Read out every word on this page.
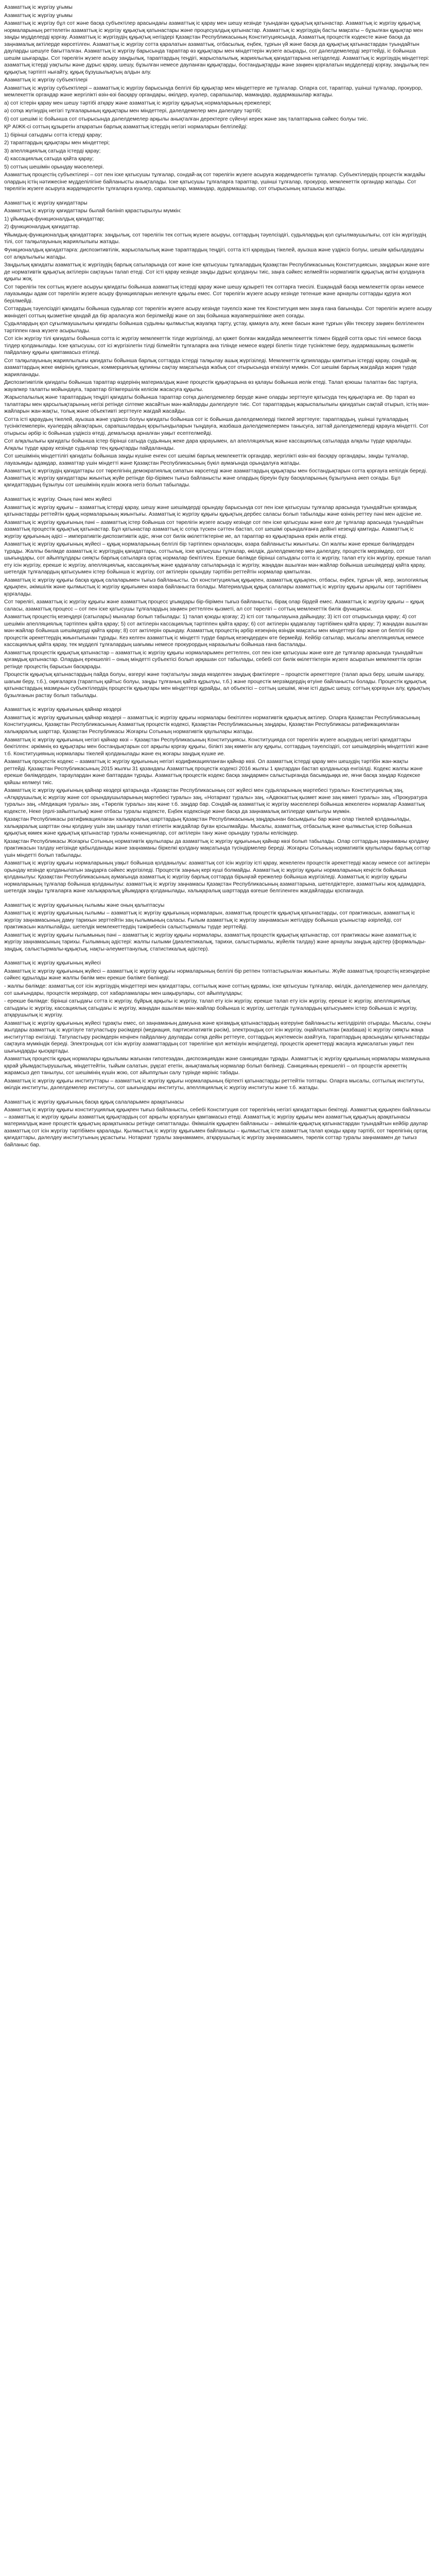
Азаматтық іс жүргізу ұғымы
Азаматтық іс жүргізу ұғымы
Азаматтық іс жүргізу бұл сот және басқа субъектілер арасындағы азаматтық іс қарау мен шешу кезінде туындаған құқықтық қатынастар. Азаматтық іс жүргізу құқықтық нормаларының реттелетін азаматтық іс жүргізу құқықтық қатынастары және процесуалдық қатынастар. Азаматтық іс жүргізудің басты мақсаты – бұзылған құқықтар мен заңды мүдделерді қорғау. Азаматтық іс жүргізудің құқықтық негіздері Қазақстан Республикасының Конституциясында, Азаматтық процестік кодексте және басқа да заңнамалық актілерде көрсетілген. Азаматтық іс жүргізу сотта қаралатын азаматтық, отбасылық, еңбек, тұрғын үй және басқа да құқықтық қатынастардан туындайтын дауларды шешуге бағытталған. Азаматтық іс жүргізу барысында тараптар өз құқықтары мен міндеттерін жүзеге асырады, сот дәлелдемелерді зерттейді, іс бойынша шешім шығарады. Сот төрелігін жүзеге асыру заңдылық, тараптардың теңдігі, жарыспалылық, жариялылық қағидаттарына негізделеді. Азаматтық іс жүргізудің міндеттері: азаматтық істерді уақтылы және дұрыс қарау, шешу, бұзылған немесе дауланған құқықтарды, бостандықтарды және заңмен қорғалатын мүдделерді қорғау, заңдылық пен құқықтық тәртіпті нығайту, құқық бұзушылықтың алдын алу.
Азаматтық іс жүргізу субъектілері
Азаматтық іс жүргізу субъектілері – азаматтық іс жүргізу барысында белгілі бір құқықтар мен міндеттерге ие тұлғалар. Оларға сот, тараптар, үшінші тұлғалар, прокурор, мемлекеттік органдар және жергілікті өзін-өзі басқару органдары, өкілдер, куәлер, сарапшылар, мамандар, аудармашылар жатады.
а) сот істерін қарау мен шешу тәртібі атқару және азаматтық іс жүргізу құқықтық нормаларының ережелері;
ә) сотқа жүгінудің негізгі тұлғаларының құқықтары мен міндеттері, дәлелдемелер мен дәлелдеу тәртібі;
б) сот шешімі іс бойынша сот отырысында дәлелдемелер арқылы анықталған деректерге сүйенуі керек және заң талаптарына сәйкес болуы тиіс.
ҚР АІЖК-сі соттың құзыретін атқаратын барлық азаматтық істердің негізгі нормаларын белгілейді:
1) бірінші сатыдағы сотта істерді қарау;
2) тараптардың құқықтары мен міндеттері;
3) апелляциялық сатыда істерді қарау;
4) кассациялық сатыда қайта қарау;
5) соттың шешімін орындау мәселелері.
Азаматтық процестің субъектілері – сот пен іске қатысушы тұлғалар, сондай-ақ сот төрелігін жүзеге асыруға жәрдемдесетін тұлғалар. Субъектілердің процестік жағдайы олардың істің нәтижесіне мүдделілігіне байланысты анықталады. Іске қатысушы тұлғаларға тараптар, үшінші тұлғалар, прокурор, мемлекеттік органдар жатады. Сот төрелігін жүзеге асыруға жәрдемдесетін тұлғаларға куәлер, сарапшылар, мамандар, аудармашылар, сот отырысының хатшысы жатады.
Азаматтық іс жүргізу қағидаттары
Азаматтық іс жүргізу қағидаттары былай бөлініп қарастырылуы мүмкін:
1) ұйымдық-функционалдық қағидаттар;
2) функционалдық қағидаттар.
Ұйымдық-функционалдық қағидаттарға: заңдылық, сот төрелігін тек соттың жүзеге асыруы, соттардың тәуелсіздігі, судьялардың қол сұғылмаушылығы, сот ісін жүргізудің тілі, сот талқылауының жариялылығы жатады.
Функционалдық қағидаттарға: диспозитивтілік, жарыспалылық және тараптардың теңдігі, сотта істі қараудың тікелей, ауызша және үздіксіз болуы, шешім қабылдаудағы сот алқалылығы жатады.
Заңдылық қағидаты азаматтық іс жүргізудің барлық сатыларында сот және іске қатысушы тұлғалардың Қазақстан Республикасының Конституциясын, заңдарын және өзге де нормативтік құқықтық актілерін сақтауын талап етеді. Сот істі қарау кезінде заңды дұрыс қолдануы тиіс, заңға сәйкес келмейтін нормативтік құқықтық актіні қолдануға құқығы жоқ.
Сот төрелігін тек соттың жүзеге асыруы қағидаты бойынша азаматтық істерді қарау және шешу құзыреті тек соттарға тиесілі. Ешқандай басқа мемлекеттік орган немесе лауазымды адам сот төрелігін жүзеге асыру функцияларын иеленуге құқылы емес. Сот төрелігін жүзеге асыру кезінде төтенше және арнаулы соттарды құруға жол берілмейді.
Соттардың тәуелсіздігі қағидаты бойынша судьялар сот төрелігін жүзеге асыру кезінде тәуелсіз және тек Конституция мен заңға ғана бағынады. Сот төрелігін жүзеге асыру жөніндегі соттың қызметіне қандай да бір араласуға жол берілмейді және ол заң бойынша жауапкершілікке әкеп соғады.
Судьялардың қол сұғылмаушылығы қағидаты бойынша судьяны қылмыстық жауапқа тарту, ұстау, қамауға алу, жеке басын және тұрғын үйін тексеру заңмен белгіленген тәртіппен ғана жүзеге асырылады.
Сот ісін жүргізу тілі қағидаты бойынша сотта іс жүргізу мемлекеттік тілде жүргізіледі, ал қажет болған жағдайда мемлекеттік тілмен бірдей сотта орыс тілі немесе басқа тілдер қолданылады. Іске қатысушы, сот ісі жүргізілетін тілді білмейтін тұлғаларға ана тілінде немесе өздері білетін тілде түсініктеме беру, аудармашының қызметін пайдалану құқығы қамтамасыз етіледі.
Сот талқылауының жариялылығы қағидаты бойынша барлық соттарда істерді талқылау ашық жүргізіледі. Мемлекеттік құпияларды қамтитын істерді қарау, сондай-ақ азаматтардың жеке өмірінің құпиясын, коммерциялық құпияны сақтау мақсатында жабық сот отырысында өткізілуі мүмкін. Сот шешімі барлық жағдайда жария түрде жарияланады.
Диспозитивтілік қағидаты бойынша тараптар өздерінің материалдық және процестік құқықтарына өз қалауы бойынша иелік етеді. Талап қоюшы талаптан бас тартуға, жауапкер талапты мойындауға, тараптар бітімгершілік келісім жасасуға құқылы.
Жарыспалылық және тараптардың теңдігі қағидаты бойынша тараптар сотқа дәлелдемелер беруде және оларды зерттеуге қатысуда тең құқықтарға ие. Әр тарап өз талаптары мен қарсылықтарының негізі ретінде сілтеме жасайтын мән-жайларды дәлелдеуге тиіс. Сот тараптардың жарыспалылығы қағидатын сақтай отырып, істің мән-жайларын жан-жақты, толық және объективті зерттеуге жағдай жасайды.
Сотта істі қараудың тікелей, ауызша және үздіксіз болуы қағидаты бойынша сот іс бойынша дәлелдемелерді тікелей зерттеуге: тараптардың, үшінші тұлғалардың түсініктемелерін, куәлердің айғақтарын, сарапшылардың қорытындыларын тыңдауға, жазбаша дәлелдемелермен танысуға, заттай дәлелдемелерді қарауға міндетті. Сот отырысы әрбір іс бойынша үздіксіз өтеді, демалысқа арналған уақыт есептелмейді.
Сот алқалылығы қағидаты бойынша істер бірінші сатыда судьяның жеке дара қарауымен, ал апелляциялық және кассациялық сатыларда алқалы түрде қаралады. Алқалы түрде қарау кезінде судьялар тең құқықтарды пайдаланады.
Сот шешімінің міндеттілігі қағидаты бойынша заңды күшіне енген сот шешімі барлық мемлекеттік органдар, жергілікті өзін-өзі басқару органдары, заңды тұлғалар, лауазымды адамдар, азаматтар үшін міндетті және Қазақстан Республикасының бүкіл аумағында орындалуға жатады.
Азаматтық іс жүргізудің қағидаттары сот төрелігінің демократиялық сипатын көрсетеді және азаматтардың құқықтары мен бостандықтарын сотта қорғауға кепілдік береді. Азаматтық іс жүргізу қағидаттары жиынтық жүйе ретінде бір-бірімен тығыз байланысты және олардың біреуін бұзу басқаларының бұзылуына әкеп соғады. Бұл қағидаттардың бұзылуы сот шешімінің күшін жоюға негіз болып табылады.
Азаматтық іс жүргізу. Оның пәні мен жүйесі
Азаматтық іс жүргізу құқығы – азаматтық істерді қарау, шешу және шешімдерді орындау барысында сот пен іске қатысушы тұлғалар арасында туындайтын қоғамдық қатынастарды реттейтін құқық нормаларының жиынтығы. Азаматтық іс жүргізу құқығы құқықтың дербес саласы болып табылады және өзінің реттеу пәні мен әдісіне ие.
Азаматтық іс жүргізу құқығының пәні – азаматтық істер бойынша сот төрелігін жүзеге асыру кезінде сот пен іске қатысушы және өзге де тұлғалар арасында туындайтын азаматтық процестік құқықтық қатынастар. Бұл қатынастар азаматтық іс сотқа түскен сәттен бастап, сот шешімі орындалғанға дейінгі кезеңді қамтиды. Азаматтық іс жүргізу құқығының әдісі – императивтік-диспозитивтік әдіс, яғни сот билік өкілеттіктеріне ие, ал тараптар өз құқықтарына еркін иелік етеді.
Азаматтық іс жүргізу құқығының жүйесі – құқық нормаларының белгілі бір тәртіппен орналасқан, өзара байланысты жиынтығы. Ол жалпы және ерекше бөлімдерден тұрады. Жалпы бөлімде азаматтық іс жүргізудің қағидаттары, соттылық, іске қатысушы тұлғалар, өкілдік, дәлелдемелер мен дәлелдеу, процестік мерзімдер, сот шығындары, сот айыппұлдары сияқты барлық сатыларға ортақ нормалар бекітілген. Ерекше бөлімде бірінші сатыдағы сотта іс жүргізу, талап ету ісін жүргізу, ерекше талап ету ісін жүргізу, ерекше іс жүргізу, апелляциялық, кассациялық және қадағалау сатыларында іс жүргізу, жаңадан ашылған мән-жайлар бойынша шешімдерді қайта қарау, шетелдік тұлғалардың қатысуымен істер бойынша іс жүргізу, сот актілерін орындау тәртібін реттейтін нормалар қамтылған.
Азаматтық іс жүргізу құқығы басқа құқық салаларымен тығыз байланысты. Ол конституциялық құқықпен, азаматтық құқықпен, отбасы, еңбек, тұрғын үй, жер, экологиялық құқықпен, әкімшілік және қылмыстық іс жүргізу құқығымен өзара байланыста болады. Материалдық құқық салалары азаматтық іс жүргізу құқығы арқылы сот тәртібімен қорғалады.
Сот төрелігі, азаматтық іс жүргізу құқығы және азаматтық процесс ұғымдары бір-бірімен тығыз байланысты, бірақ олар бірдей емес. Азаматтық іс жүргізу құқығы – құқық саласы, азаматтық процесс – сот пен іске қатысушы тұлғалардың заңмен реттелген қызметі, ал сот төрелігі – соттың мемлекеттік билік функциясы.
Азаматтық процестің кезеңдері (сатылары) мыналар болып табылады: 1) талап қоюды қозғау; 2) істі сот талқылауына дайындау; 3) істі сот отырысында қарау; 4) сот шешімін апелляциялық тәртіппен қайта қарау; 5) сот актілерін кассациялық тәртіппен қайта қарау; 6) сот актілерін қадағалау тәртібімен қайта қарау; 7) жаңадан ашылған мән-жайлар бойынша шешімдерді қайта қарау; 8) сот актілерін орындау. Азаматтық процестің әрбір кезеңінің өзіндік мақсаты мен міндеттері бар және ол белгілі бір процестік әрекеттердің жиынтығынан тұрады. Кез келген азаматтық іс міндетті түрде барлық кезеңдерден өте бермейді. Кейбір сатылар, мысалы апелляциялық немесе кассациялық қайта қарау, тек мүдделі тұлғалардың шағымы немесе прокурордың наразылығы бойынша ғана басталады.
Азаматтық процестік құқықтық қатынастар – азаматтық іс жүргізу құқығы нормаларымен реттелген, сот пен іске қатысушы және өзге де тұлғалар арасында туындайтын қоғамдық қатынастар. Олардың ерекшелігі – оның міндетті субъектісі болып әрқашан сот табылады, себебі сот билік өкілеттіктерін жүзеге асыратын мемлекеттік орган ретінде процестің барысын басқарады.
Процестік құқықтық қатынастардың пайда болуы, өзгеруі және тоқтатылуы заңда көзделген заңдық фактілерге – процестік әрекеттерге (талап арыз беру, шешім шығару, шағым беру, т.б.), оқиғаларға (тараптың қайтыс болуы, заңды тұлғаның қайта құрылуы, т.б.) және процестік мерзімдердің өтуіне байланысты болады. Процестік құқықтық қатынастардың мазмұнын субъектілердің процестік құқықтары мен міндеттері құрайды, ал объектісі – соттың шешімі, яғни істі дұрыс шешу, соттың қорғауын алу, құқықтың бұзылғанын растау болып табылады.
Азаматтық іс жүргізу құқығының қайнар көздері
Азаматтық іс жүргізу құқығының қайнар көздері – азаматтық іс жүргізу құқығы нормалары бекітілген нормативтік құқықтық актілер. Оларға Қазақстан Республикасының Конституциясы, Қазақстан Республикасының Азаматтық процестік кодексі, Қазақстан Республикасының заңдары, Қазақстан Республикасы ратификациялаған халықаралық шарттар, Қазақстан Республикасы Жоғарғы Сотының нормативтік қаулылары жатады.
Азаматтық іс жүргізу құқығының негізгі қайнар көзі – Қазақстан Республикасының Конституциясы. Конституцияда сот төрелігін жүзеге асырудың негізгі қағидаттары бекітілген: әркімнің өз құқықтары мен бостандықтарын сот арқылы қорғау құқығы, білікті заң көмегін алу құқығы, соттардың тәуелсіздігі, сот шешімдерінің міндеттілігі және т.б. Конституцияның нормалары тікелей қолданылады және ең жоғары заңдық күшке ие.
Азаматтық процестік кодекс – азаматтық іс жүргізу құқығының негізгі кодификацияланған қайнар көзі. Ол азаматтық істерді қарау мен шешудің тәртібін жан-жақты реттейді. Қазақстан Республикасының 2015 жылғы 31 қазандағы Азаматтық процестік кодексі 2016 жылғы 1 қаңтардан бастап қолданысқа енгізілді. Кодекс жалпы және ерекше бөлімдерден, тараулардан және баптардан тұрады. Азаматтық процестік кодекс басқа заңдармен салыстырғанда басымдыққа ие, яғни басқа заңдар Кодекске қайшы келмеуі тиіс.
Азаматтық іс жүргізу құқығының қайнар көздері қатарында «Қазақстан Республикасының сот жүйесі мен судьяларының мәртебесі туралы» Конституциялық заң, «Атқарушылық іс жүргізу және сот орындаушыларының мәртебесі туралы» заң, «Нотариат туралы» заң, «Адвокаттық қызмет және заң көмегі туралы» заң, «Прокуратура туралы» заң, «Медиация туралы» заң, «Төрелік туралы» заң және т.б. заңдар бар. Сондай-ақ азаматтық іс жүргізу мәселелері бойынша жекелеген нормалар Азаматтық кодексте, Неке (ерлі-зайыптылық) және отбасы туралы кодексте, Еңбек кодексінде және басқа да заңнамалық актілерде қамтылуы мүмкін.
Қазақстан Республикасы ратификациялаған халықаралық шарттардың Қазақстан Республикасының заңдарынан басымдығы бар және олар тікелей қолданылады, халықаралық шарттан оны қолдану үшін заң шығару талап етілетін жағдайлар бұған қосылмайды. Мысалы, азаматтық, отбасылық және қылмыстық істер бойынша құқықтық көмек және құқықтық қатынастар туралы конвенциялар, сот актілерін тану және орындау туралы келісімдер.
Қазақстан Республикасы Жоғарғы Сотының нормативтік қаулылары да азаматтық іс жүргізу құқығының қайнар көзі болып табылады. Олар соттардың заңнаманы қолдану практикасын талдау негізінде қабылданады және заңнаманы біркелкі қолдану мақсатында түсіндірмелер береді. Жоғарғы Сотының нормативтік қаулылары барлық соттар үшін міндетті болып табылады.
Азаматтық іс жүргізу құқығы нормаларының уақыт бойынша қолданылуы: азаматтық сот ісін жүргізу істі қарау, жекелеген процестік әрекеттерді жасау немесе сот актілерін орындау кезінде қолданылатын заңдарға сәйкес жүргізіледі. Процестік заңның кері күші болмайды. Азаматтық іс жүргізу құқығы нормаларының кеңістік бойынша қолданылуы: Қазақстан Республикасының аумағында азаматтық іс жүргізу барлық соттарда бірыңғай ережелер бойынша жүргізіледі. Азаматтық іс жүргізу құқығы нормаларының тұлғалар бойынша қолданылуы: азаматтық іс жүргізу заңнамасы Қазақстан Республикасының азаматтарына, шетелдіктерге, азаматтығы жоқ адамдарға, шетелдік заңды тұлғаларға және халықаралық ұйымдарға қолданылады, халықаралық шарттарда өзгеше белгіленген жағдайларды қоспағанда.
Азаматтық іс жүргізу құқығының ғылымы және оның қалыптасуы
Азаматтық іс жүргізу құқығының ғылымы – азаматтық іс жүргізу құқығының нормаларын, азаматтық процестік құқықтық қатынастарды, сот практикасын, азаматтық іс жүргізу заңнамасының даму тарихын зерттейтін заң ғылымының саласы. Ғылым азаматтық іс жүргізу заңнамасын жетілдіру бойынша ұсыныстар әзірлейді, сот практикасын жалпылайды, шетелдік мемлекеттердің тәжірибесін салыстырмалы түрде зерттейді.
Азаматтық іс жүргізу құқығы ғылымының пәні – азаматтық іс жүргізу құқығы нормалары, азаматтық процестік құқықтық қатынастар, сот практикасы және азаматтық іс жүргізу заңнамасының тарихы. Ғылымның әдістері: жалпы ғылыми (диалектикалық, тарихи, салыстырмалы, жүйелік талдау) және арнаулы заңдық әдістер (формальды-заңдық, салыстырмалы-құқықтық, нақты-әлеуметтанулық, статистикалық әдістер).
Азаматтық іс жүргізу құқығының жүйесі
Азаматтық іс жүргізу құқығының жүйесі – азаматтық іс жүргізу құқығы нормаларының белгілі бір ретпен топтастырылған жиынтығы. Жүйе азаматтық процестің кезеңдеріне сәйкес құрылады және жалпы бөлім мен ерекше бөлімге бөлінеді:
- жалпы бөлімде: азаматтық сот ісін жүргізудің міндеттері мен қағидаттары, соттылық және соттың құрамы, іске қатысушы тұлғалар, өкілдік, дәлелдемелер мен дәлелдеу, сот шығындары, процестік мерзімдер, сот хабарламалары мен шақырулары, сот айыппұлдары;
- ерекше бөлімде: бірінші сатыдағы сотта іс жүргізу, бұйрық арқылы іс жүргізу, талап ету ісін жүргізу, ерекше талап ету ісін жүргізу, ерекше іс жүргізу, апелляциялық сатыдағы іс жүргізу, кассациялық сатыдағы іс жүргізу, жаңадан ашылған мән-жайлар бойынша іс жүргізу, шетелдік тұлғалардың қатысуымен істер бойынша іс жүргізу, атқарушылық іс жүргізу.
Азаматтық іс жүргізу құқығының жүйесі тұрақты емес, ол заңнаманың дамуына және қоғамдық қатынастардың өзгеруіне байланысты жетілдіріліп отырады. Мысалы, соңғы жылдары азаматтық іс жүргізуге татуластыру рәсімдері (медиация, партисипативтік рәсім), электрондық сот ісін жүргізу, оңайлатылған (жазбаша) іс жүргізу сияқты жаңа институттар енгізілді. Татуластыру рәсімдерін кеңінен пайдалану дауларды сотқа дейін реттеуге, соттардың жүктемесін азайтуға, тараптардың арасындағы қатынастарды сақтауға мүмкіндік береді. Электрондық сот ісін жүргізу азаматтардың сот төрелігіне қол жеткізуін жеңілдетеді, процестік әрекеттерді жасауға жұмсалатын уақыт пен шығындарды қысқартады.
Азаматтық процестік құқық нормалары құрылымы жағынан гипотезадан, диспозициядан және санкциядан тұрады. Азаматтық іс жүргізу құқығының нормалары мазмұнына қарай ұйымдастырушылық, міндеттейтін, тыйым салатын, рұқсат ететін, анықтамалық нормалар болып бөлінеді. Санкцияның ерекшелігі – ол процестік әрекеттің жарамсыз деп танылуы, сот шешімінің күшін жою, сот айыппұлын салу түрінде көрініс табады.
Азаматтық іс жүргізу құқығы институттары – азаматтық іс жүргізу құқығы нормаларының біртекті қатынастарды реттейтін топтары. Оларға мысалы, соттылық институты, өкілдік институты, дәлелдемелер институты, сот шығындары институты, апелляциялық іс жүргізу институты және т.б. жатады.
Азаматтық іс жүргізу құқығының басқа құқық салаларымен арақатынасы
Азаматтық іс жүргізу құқығы конституциялық құқықпен тығыз байланысты, себебі Конституция сот төрелігінің негізгі қағидаттарын бекітеді. Азаматтық құқықпен байланысы – азаматтық іс жүргізу құқығы азаматтық құқықтардың сот арқылы қорғалуын қамтамасыз етеді. Азаматтық іс жүргізу құқығы мен азаматтық құқықтың арақатынасы материалдық және процестік құқықтың арақатынасы ретінде сипатталады. Әкімшілік құқықпен байланысы – әкімшілік-құқықтық қатынастардан туындайтын кейбір даулар азаматтық сот ісін жүргізу тәртібімен қаралады. Қылмыстық іс жүргізу құқығымен байланысы – қылмыстық істе азаматтық талап қоюды қарау тәртібі, сот төрелігінің ортақ қағидаттары, дәлелдеу институтының ұқсастығы. Нотариат туралы заңнамамен, атқарушылық іс жүргізу заңнамасымен, төрелік соттар туралы заңнамамен де тығыз байланыс бар.
